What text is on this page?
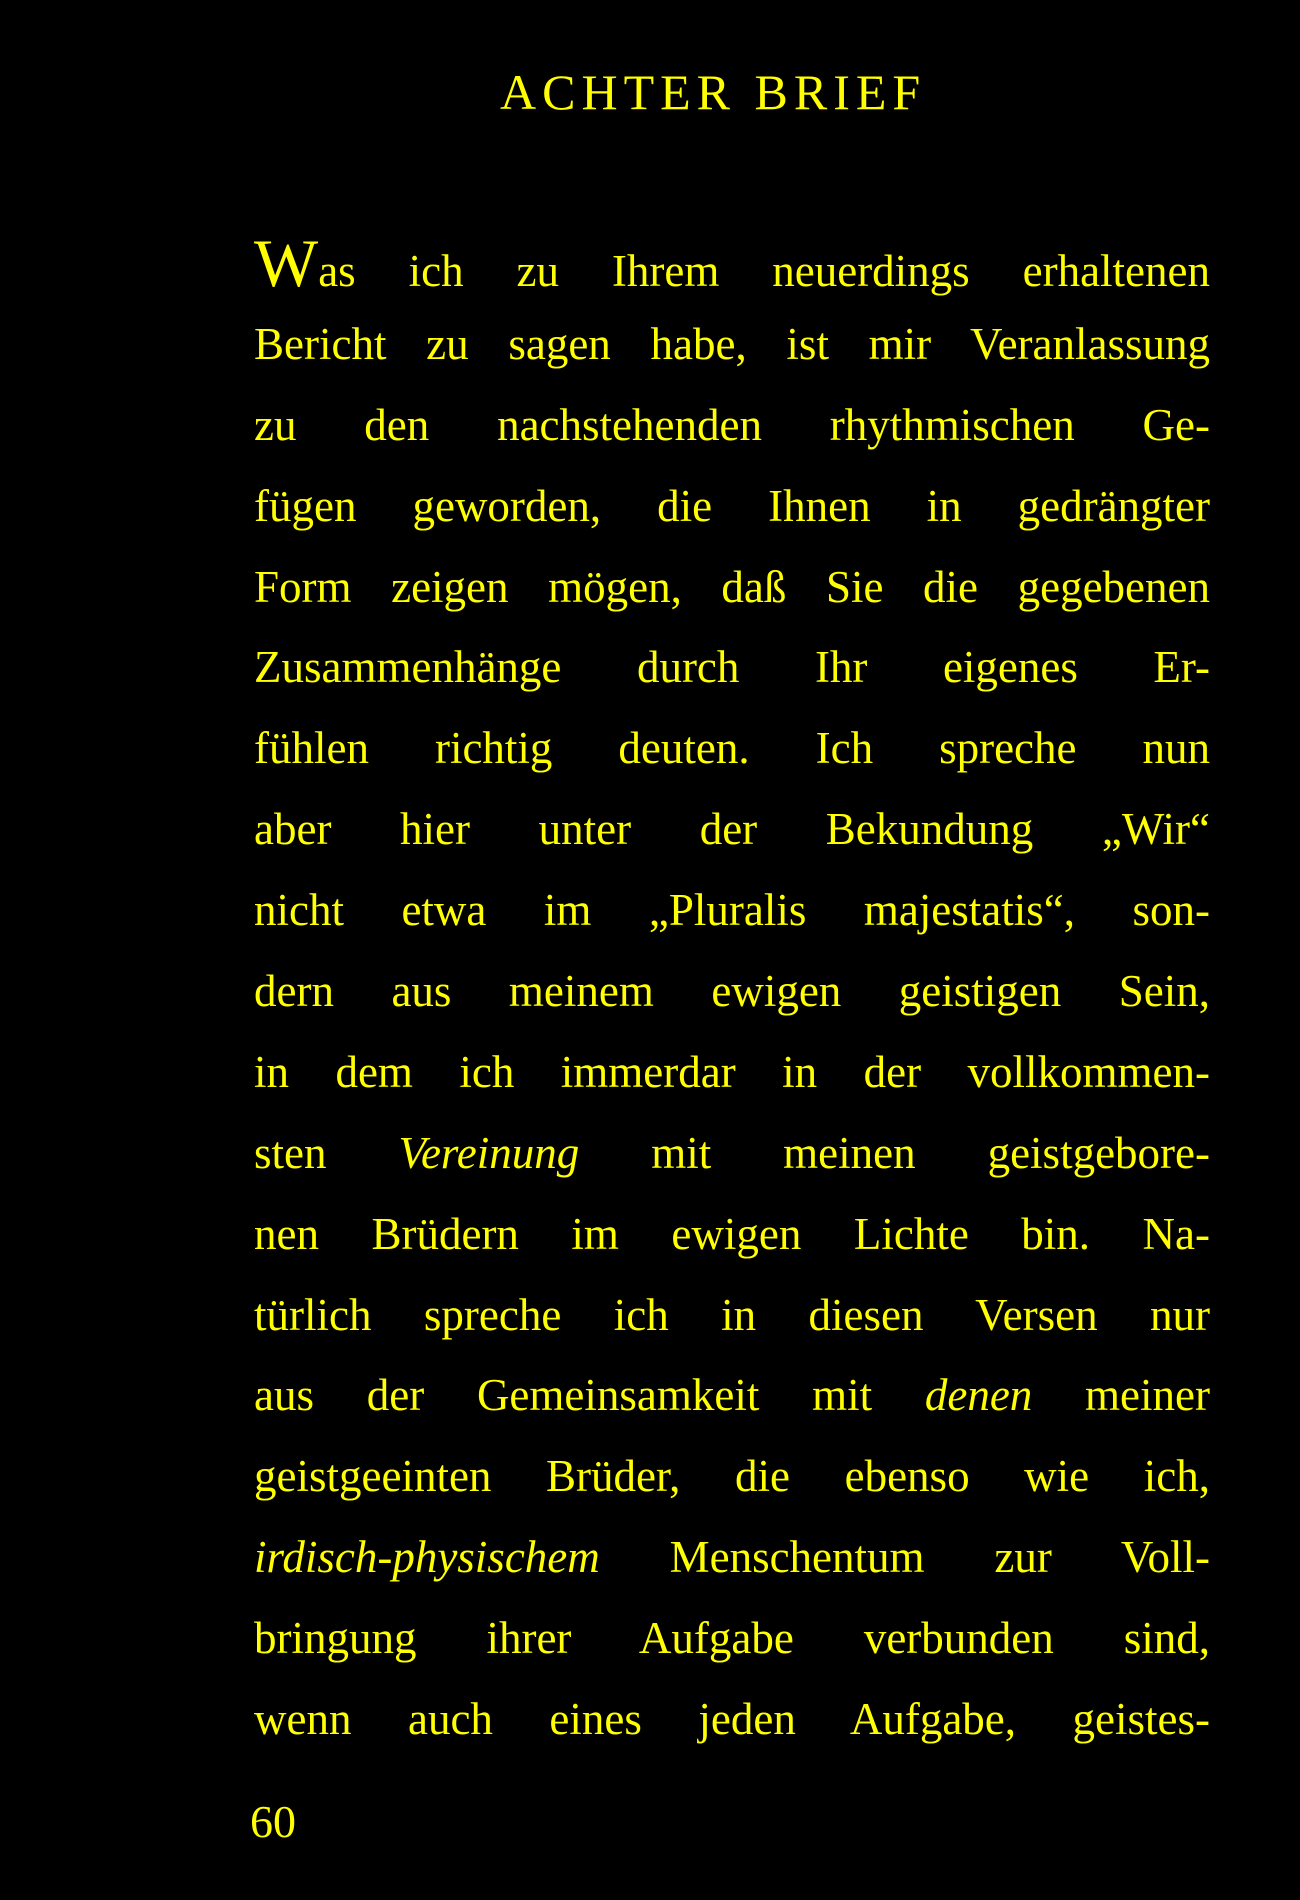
ACHTER BRIEF
Was ich zu Ihrem neuerdings erhaltenen
Bericht zu sagen habe, ist mir Veranlassung
zu den nachstehenden rhythmischen Ge-
fügen geworden, die Ihnen in gedrängter
Form zeigen mögen, daß Sie die gegebenen
Zusammenhänge durch Ihr eigenes Er-
fühlen richtig deuten. Ich spreche nun
aber hier unter der Bekundung „Wir“
nicht etwa im „Pluralis majestatis“, son-
dern aus meinem ewigen geistigen Sein,
in dem ich immerdar in der vollkommen-
sten Vereinung mit meinen geistgebore-
nen Brüdern im ewigen Lichte bin. Na-
türlich spreche ich in diesen Versen nur
aus der Gemeinsamkeit mit denen meiner
geistgeeinten Brüder, die ebenso wie ich,
irdisch-physischem Menschentum zur Voll-
bringung ihrer Aufgabe verbunden sind,
wenn auch eines jeden Aufgabe, geistes-
60
